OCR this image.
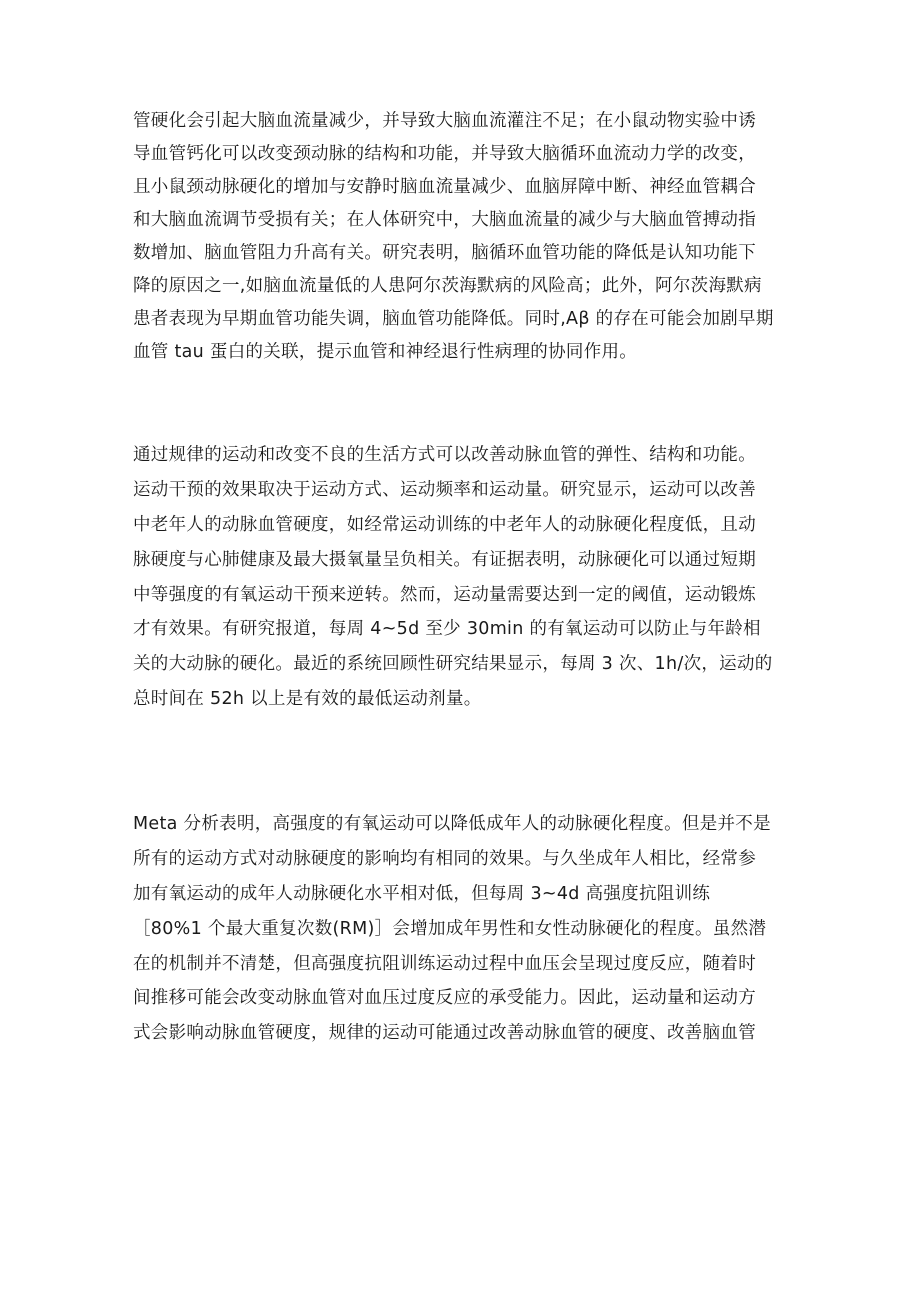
管硬化会引起大脑血流量减少，并导致大脑血流灌注不足；在小鼠动物实验中诱
导血管钙化可以改变颈动脉的结构和功能，并导致大脑循环血流动力学的改变，
且小鼠颈动脉硬化的增加与安静时脑血流量减少、血脑屏障中断、神经血管耦合
和大脑血流调节受损有关；在人体研究中，大脑血流量的减少与大脑血管搏动指
数增加、脑血管阻力升高有关。研究表明，脑循环血管功能的降低是认知功能下
降的原因之一,如脑血流量低的人患阿尔茨海默病的风险高；此外，阿尔茨海默病
患者表现为早期血管功能失调，脑血管功能降低。同时,Aβ 的存在可能会加剧早期
血管 tau 蛋白的关联，提示血管和神经退行性病理的协同作用。
通过规律的运动和改变不良的生活方式可以改善动脉血管的弹性、结构和功能。
运动干预的效果取决于运动方式、运动频率和运动量。研究显示，运动可以改善
中老年人的动脉血管硬度，如经常运动训练的中老年人的动脉硬化程度低，且动
脉硬度与心肺健康及最大摄氧量呈负相关。有证据表明，动脉硬化可以通过短期
中等强度的有氧运动干预来逆转。然而，运动量需要达到一定的阈值，运动锻炼
才有效果。有研究报道，每周 4~5d 至少 30min 的有氧运动可以防止与年龄相
关的大动脉的硬化。最近的系统回顾性研究结果显示，每周 3 次、1h/次，运动的
总时间在 52h 以上是有效的最低运动剂量。
Meta 分析表明，高强度的有氧运动可以降低成年人的动脉硬化程度。但是并不是
所有的运动方式对动脉硬度的影响均有相同的效果。与久坐成年人相比，经常参
加有氧运动的成年人动脉硬化水平相对低，但每周 3~4d 高强度抗阻训练
［80%1 个最大重复次数(RM)］会增加成年男性和女性动脉硬化的程度。虽然潜
在的机制并不清楚，但高强度抗阻训练运动过程中血压会呈现过度反应，随着时
间推移可能会改变动脉血管对血压过度反应的承受能力。因此，运动量和运动方
式会影响动脉血管硬度，规律的运动可能通过改善动脉血管的硬度、改善脑血管
